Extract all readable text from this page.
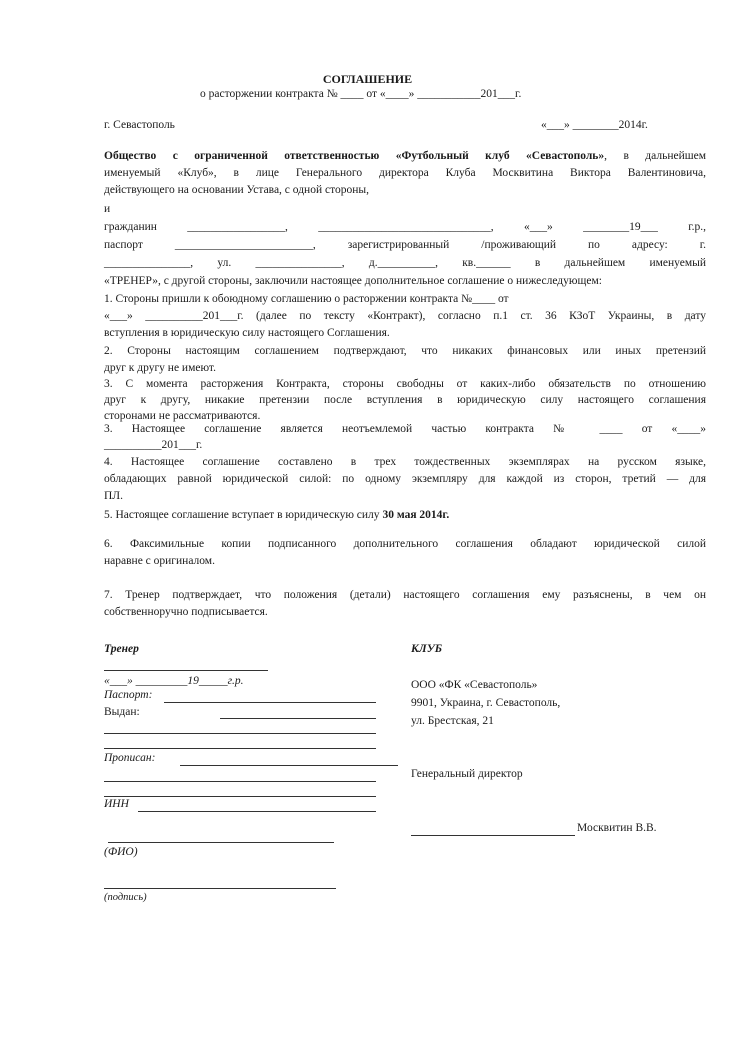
СОГЛАШЕНИЕ
о расторжении контракта № ____ от «____» ___________201___г.
г. Севастополь	«___» ________2014г.
Общество с ограниченной ответственностью «Футбольный клуб «Севастополь», в дальнейшем
именуемый «Клуб», в лице Генерального директора Клуба Москвитина Виктора Валентиновича,
действующего на основании Устава, с одной стороны,
и
гражданин _________________, ______________________________, «___» ________19___ г.р.,
паспорт ________________________, зарегистрированный /проживающий по адресу: г.
_______________, ул. _______________, д.__________, кв.______ в дальнейшем именуемый
«ТРЕНЕР», с другой стороны, заключили настоящее дополнительное соглашение о нижеследующем:
1. Стороны пришли к обоюдному соглашению о расторжении контракта №____ от
«___» __________201___г. (далее по тексту «Контракт), согласно п.1 ст. 36 КЗоТ Украины, в дату
вступления в юридическую силу настоящего Соглашения.
2. Стороны настоящим соглашением подтверждают, что никаких финансовых или иных претензий
друг к другу не имеют.
3. С момента расторжения Контракта, стороны свободны от каких-либо обязательств по отношению
друг к другу, никакие претензии после вступления в юридическую силу настоящего соглашения
сторонами не рассматриваются.
3. Настоящее соглашение является неотъемлемой частью контракта № ____ от «____»
__________201___г.
4. Настоящее соглашение составлено в трех тождественных экземплярах на русском языке,
обладающих равной юридической силой: по одному экземпляру для каждой из сторон, третий — для
ПЛ.
5. Настоящее соглашение вступает в юридическую силу 30 мая 2014г.
6. Факсимильные копии подписанного дополнительного соглашения обладают юридической силой
наравне с оригиналом.
7. Тренер подтверждает, что положения (детали) настоящего соглашения ему разъяснены, в чем он
собственноручно подписывается.
Тренер
«___» _________19_____г.р.
Паспорт:
Выдан:
Прописан:
ИНН
(ФИО)
(подпись)
КЛУБ
ООО «ФК «Севастополь»
9901, Украина, г. Севастополь,
ул. Брестская, 21
Генеральный директор
Москвитин В.В.
